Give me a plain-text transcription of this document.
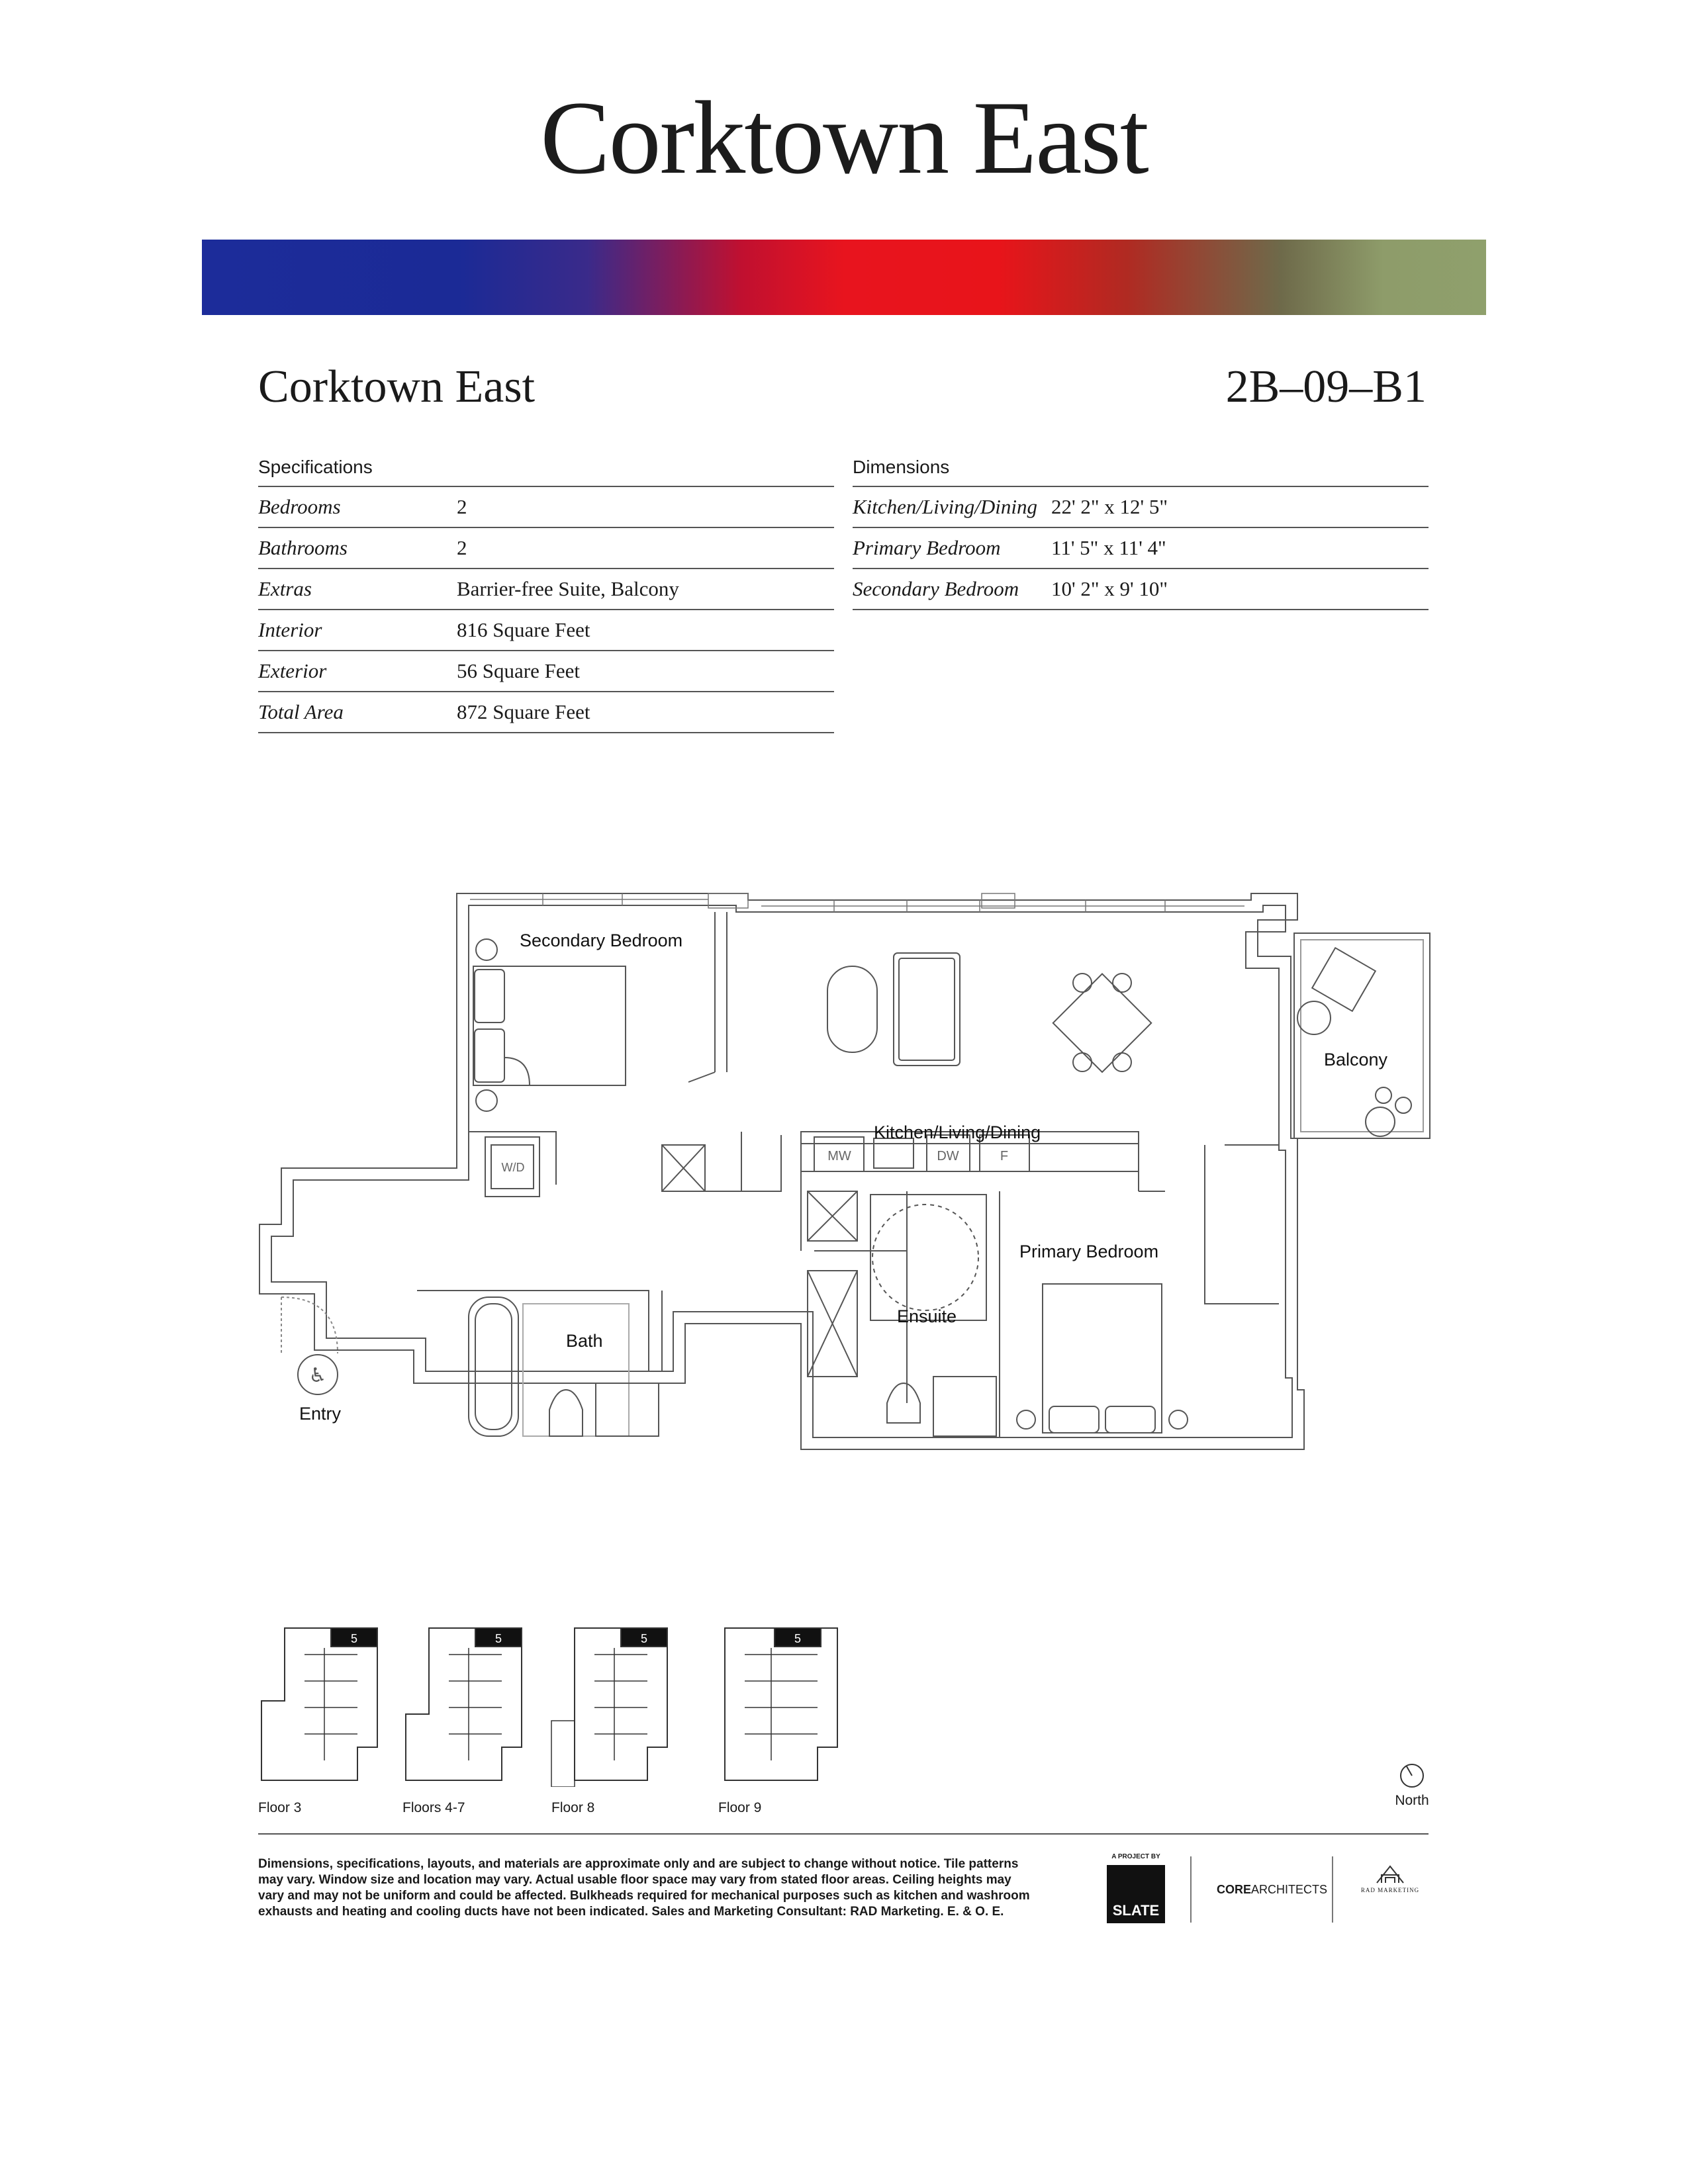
Corktown East
Corktown East	2B–09–B1
Specifications
Bedrooms	2
Bathrooms	2
Extras	Barrier-free Suite, Balcony
Interior	816 Square Feet
Exterior	56 Square Feet
Total Area	872 Square Feet
Dimensions
Kitchen/Living/Dining 22' 2" x 12' 5"
Primary Bedroom	11' 5" x 11' 4"
Secondary Bedroom	10' 2" x 9' 10"
W/D
MW	DW	F
♿
Secondary Bedroom
Kitchen/Living/Dining
Balcony
Primary Bedroom
Ensuite
Bath
Entry
5	5	5	5
Floor 3	Floors 4-7	Floor 8	Floor 9	North
Dimensions, specifications, layouts, and materials are approximate only and are subject to change without notice. Tile patterns may vary. Window size and location may vary. Actual usable floor space may vary from stated floor areas. Ceiling heights may vary and may not be uniform and could be affected. Bulkheads required for mechanical purposes such as kitchen and washroom exhausts and heating and cooling ducts have not been indicated. Sales and Marketing Consultant: RAD Marketing. E. & O. E.
A PROJECT BY
SLATE
COREARCHITECTS	RAD MARKETING
